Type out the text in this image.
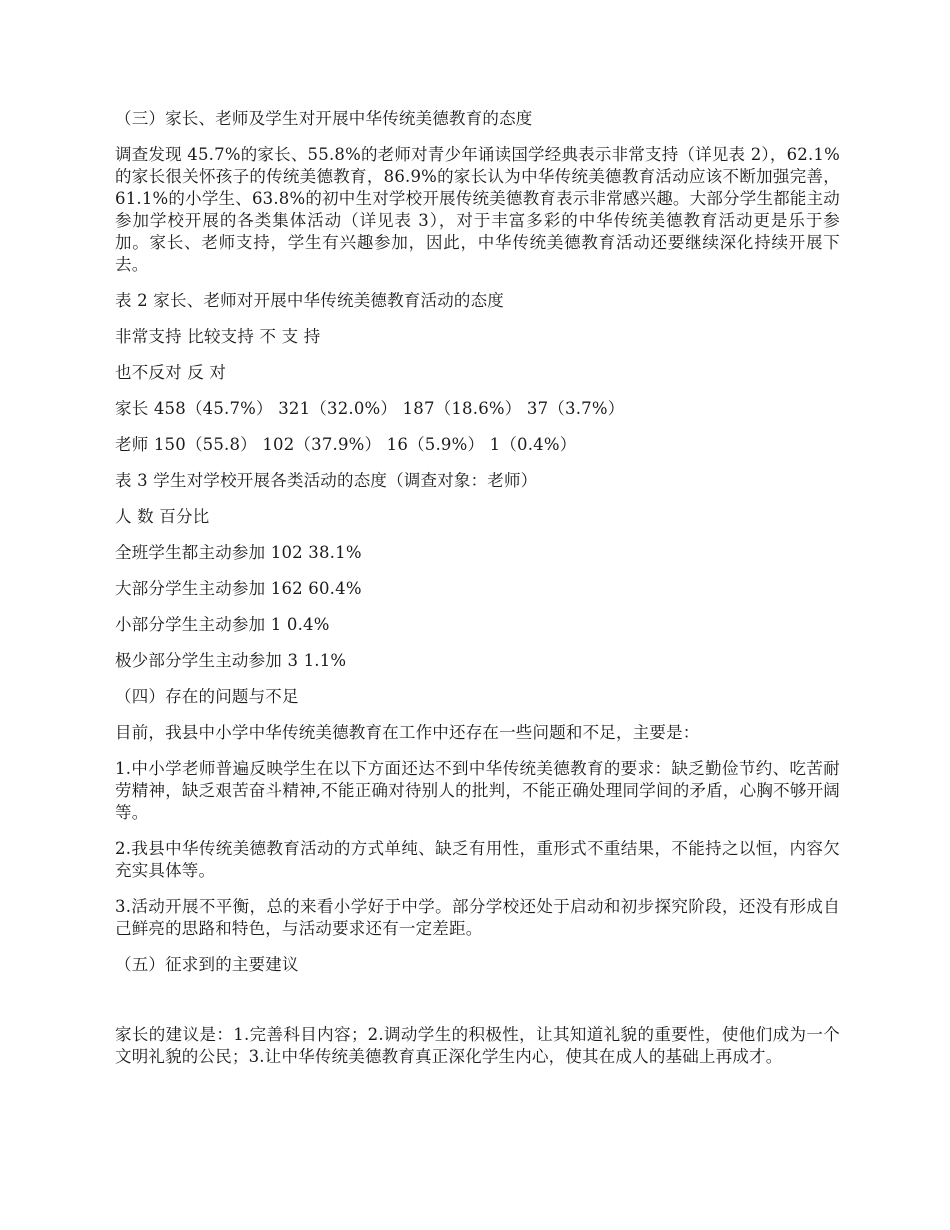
（三）家长、老师及学生对开展中华传统美德教育的态度

调查发现 45.7%的家长、55.8%的老师对青少年诵读国学经典表示非常支持（详见表 2），62.1%的家长很关怀孩子的传统美德教育，86.9%的家长认为中华传统美德教育活动应该不断加强完善，61.1%的小学生、63.8%的初中生对学校开展传统美德教育表示非常感兴趣。大部分学生都能主动参加学校开展的各类集体活动（详见表 3），对于丰富多彩的中华传统美德教育活动更是乐于参加。家长、老师支持，学生有兴趣参加，因此，中华传统美德教育活动还要继续深化持续开展下去。

表 2 家长、老师对开展中华传统美德教育活动的态度

非常支持 比较支持 不 支 持

也不反对 反 对

家长 458（45.7%） 321（32.0%） 187（18.6%） 37（3.7%）

老师 150（55.8） 102（37.9%） 16（5.9%） 1（0.4%）

表 3 学生对学校开展各类活动的态度（调查对象：老师）

人 数 百分比

全班学生都主动参加 102 38.1%

大部分学生主动参加 162 60.4%

小部分学生主动参加 1 0.4%

极少部分学生主动参加 3 1.1%

（四）存在的问题与不足

目前，我县中小学中华传统美德教育在工作中还存在一些问题和不足，主要是：

1.中小学老师普遍反映学生在以下方面还达不到中华传统美德教育的要求：缺乏勤俭节约、吃苦耐劳精神，缺乏艰苦奋斗精神,不能正确对待别人的批判，不能正确处理同学间的矛盾，心胸不够开阔等。

2.我县中华传统美德教育活动的方式单纯、缺乏有用性，重形式不重结果，不能持之以恒，内容欠充实具体等。

3.活动开展不平衡，总的来看小学好于中学。部分学校还处于启动和初步探究阶段，还没有形成自己鲜亮的思路和特色，与活动要求还有一定差距。

（五）征求到的主要建议

家长的建议是：1.完善科目内容；2.调动学生的积极性，让其知道礼貌的重要性，使他们成为一个文明礼貌的公民；3.让中华传统美德教育真正深化学生内心，使其在成人的基础上再成才。
